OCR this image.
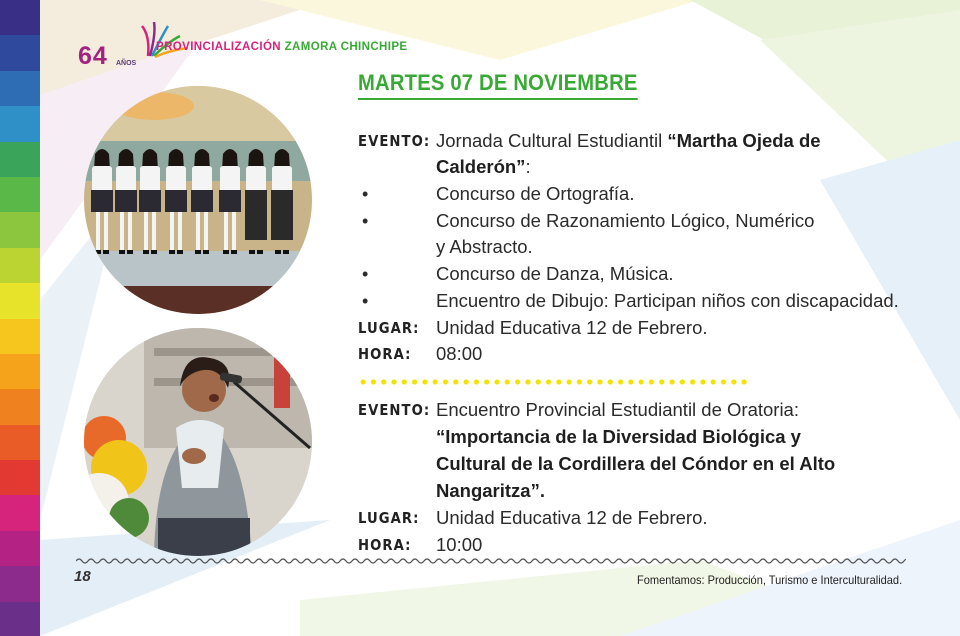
64 AÑOS
PROVINCIALIZACIÓN ZAMORA CHINCHIPE
MARTES 07 DE NOVIEMBRE
EVENTO: Jornada Cultural Estudiantil “Martha Ojeda de
Calderón”:
•	Concurso de Ortografía.
•	Concurso de Razonamiento Lógico, Numérico
y Abstracto.
•	Concurso de Danza, Música.
•	Encuentro de Dibujo: Participan niños con discapacidad.
LUGAR: Unidad Educativa 12 de Febrero.
HORA: 08:00
EVENTO: Encuentro Provincial Estudiantil de Oratoria:
“Importancia de la Diversidad Biológica y
Cultural de la Cordillera del Cóndor en el Alto
Nangaritza”.
LUGAR: Unidad Educativa 12 de Febrero.
HORA: 10:00
18	Fomentamos: Producción, Turismo e Interculturalidad.
